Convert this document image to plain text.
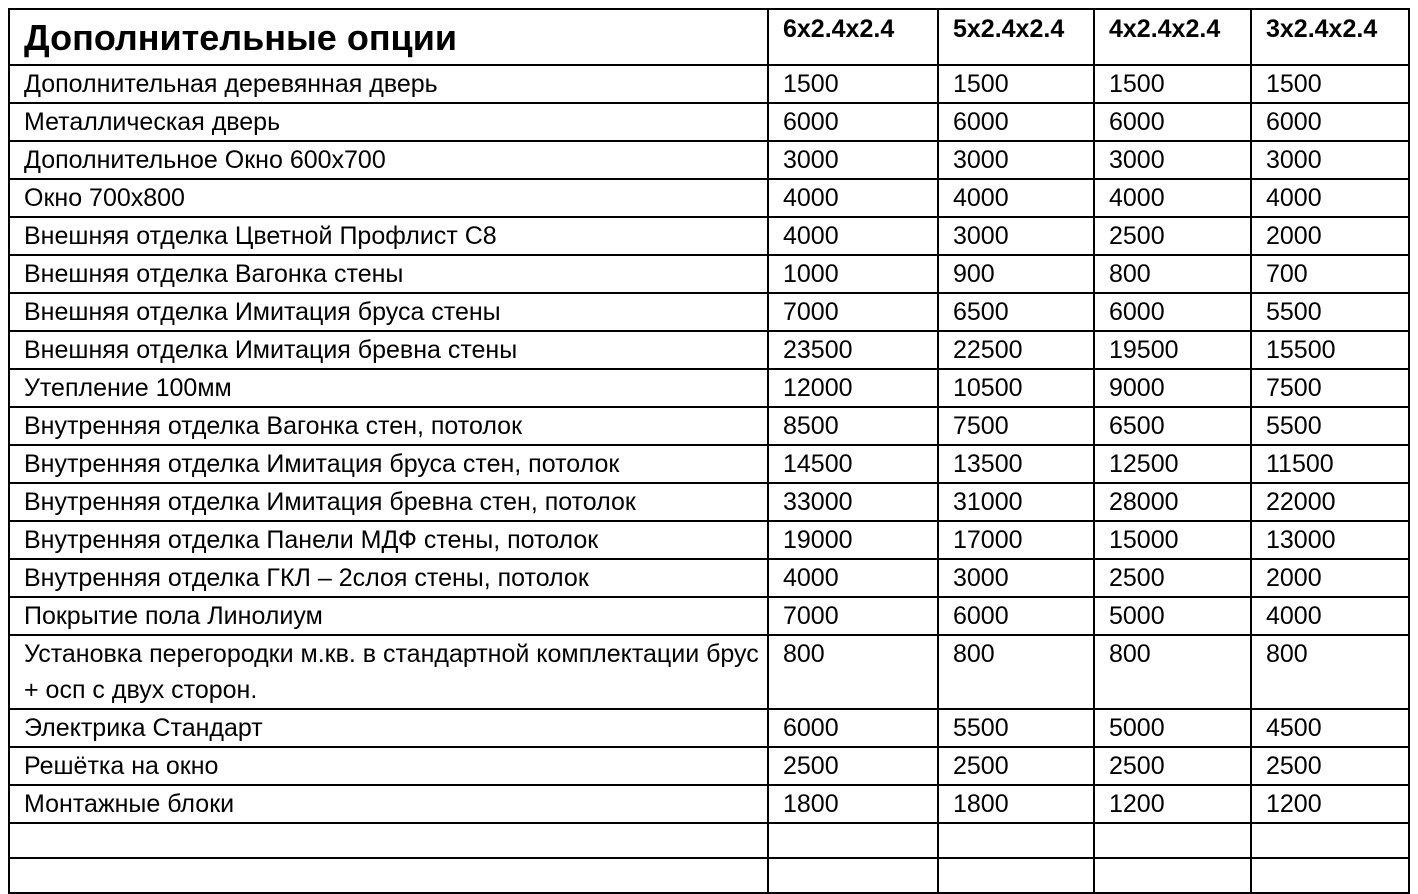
Дополнительные опции	6x2.4x2.4	5x2.4x2.4	4x2.4x2.4	3x2.4x2.4
Дополнительная деревянная дверь	1500	1500	1500	1500
Металлическая дверь	6000	6000	6000	6000
Дополнительное Окно 600х700	3000	3000	3000	3000
Окно 700х800	4000	4000	4000	4000
Внешняя отделка Цветной Профлист С8	4000	3000	2500	2000
Внешняя отделка Вагонка стены	1000	900	800	700
Внешняя отделка Имитация бруса стены	7000	6500	6000	5500
Внешняя отделка Имитация бревна стены	23500	22500	19500	15500
Утепление 100мм	12000	10500	9000	7500
Внутренняя отделка Вагонка стен, потолок	8500	7500	6500	5500
Внутренняя отделка Имитация бруса стен, потолок	14500	13500	12500	11500
Внутренняя отделка Имитация бревна стен, потолок	33000	31000	28000	22000
Внутренняя отделка Панели МДФ стены, потолок	19000	17000	15000	13000
Внутренняя отделка ГКЛ – 2слоя стены, потолок	4000	3000	2500	2000
Покрытие пола Линолиум	7000	6000	5000	4000
Установка перегородки м.кв. в стандартной комплектации брус + осп с двух сторон.	800	800	800	800
Электрика Стандарт	6000	5500	5000	4500
Решётка на окно	2500	2500	2500	2500
Монтажные блоки	1800	1800	1200	1200
